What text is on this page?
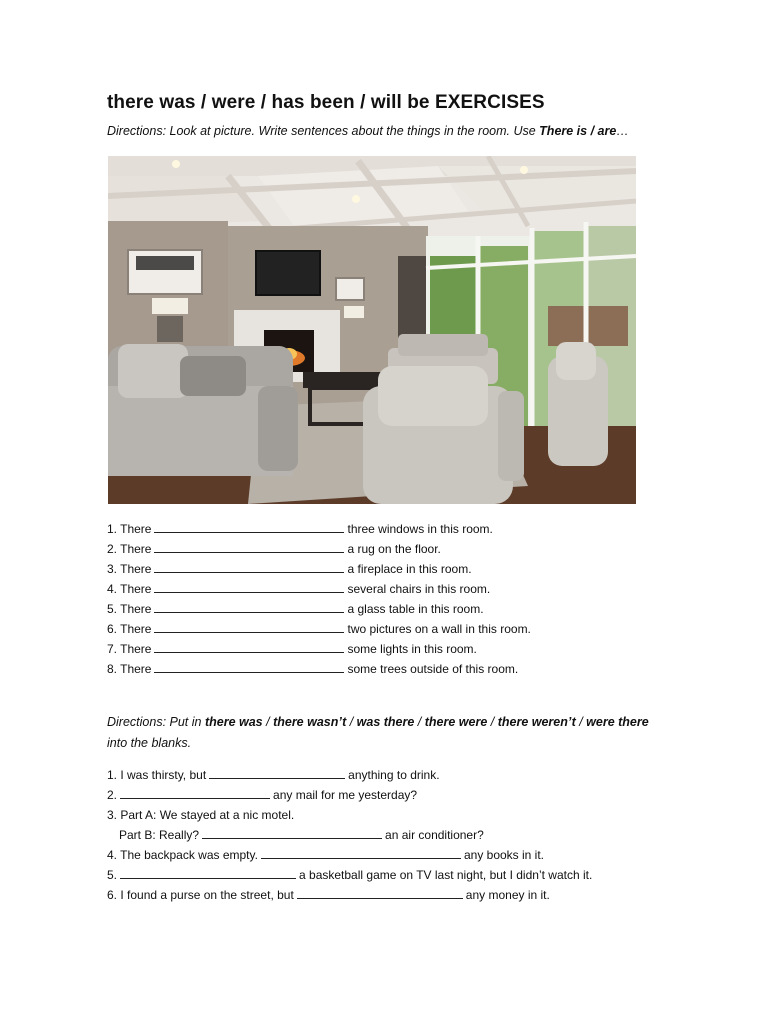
there was / were / has been / will be EXERCISES
Directions: Look at picture. Write sentences about the things in the room. Use There is / are…
1. There	three windows in this room.
2. There	a rug on the floor.
3. There	a fireplace in this room.
4. There	several chairs in this room.
5. There	a glass table in this room.
6. There	two pictures on a wall in this room.
7. There	some lights in this room.
8. There	some trees outside of this room.
Directions: Put in there was / there wasn’t / was there / there were / there weren’t / were there
into the blanks.
1. I was thirsty, but	anything to drink.
2.	any mail for me yesterday?
3. Part A: We stayed at a nic motel.
Part B: Really?	an air conditioner?
4. The backpack was empty.	any books in it.
5.	a basketball game on TV last night, but I didn’t watch it.
6. I found a purse on the street, but	any money in it.
